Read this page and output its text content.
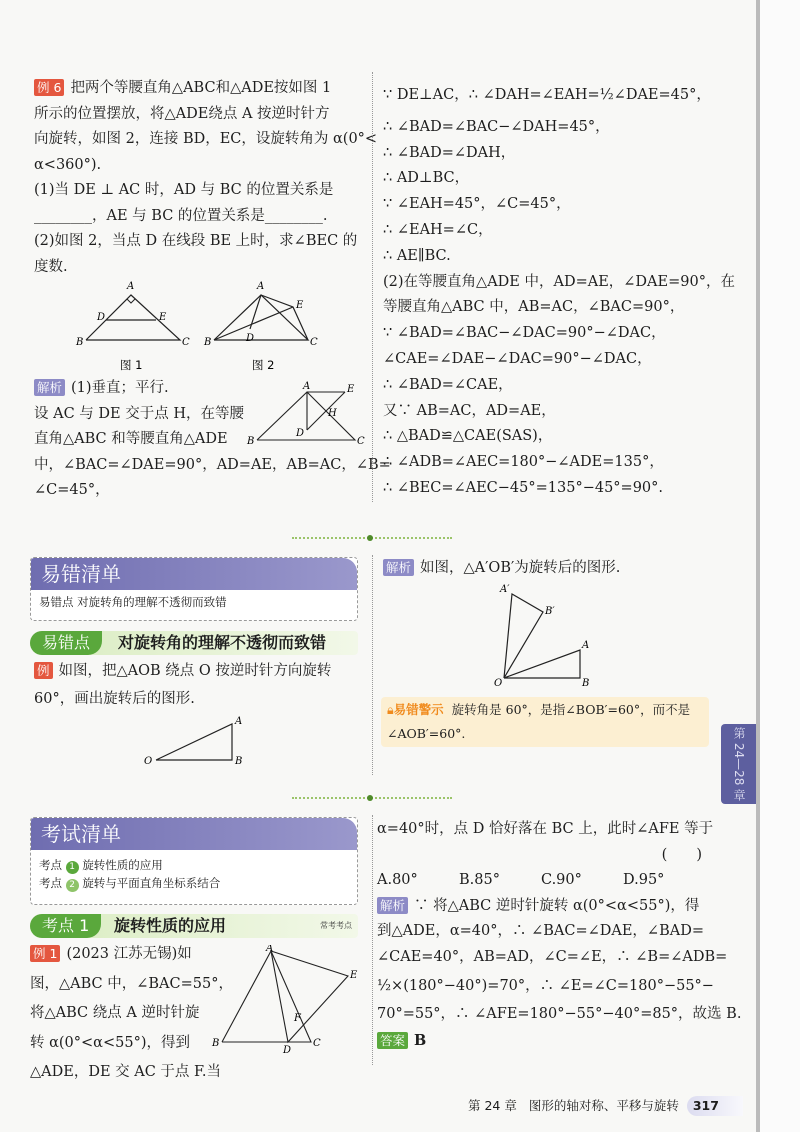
例 6 把两个等腰直角△ABC和△ADE按如图 1
所示的位置摆放，将△ADE绕点 A 按逆时针方
向旋转，如图 2，连接 BD，EC，设旋转角为 α(0°<
α<360°).
(1)当 DE ⊥ AC 时，AD 与 BC 的位置关系是
________，AE 与 BC 的位置关系是________.
(2)如图 2，当点 D 在线段 BE 上时，求∠BEC 的
度数.
A
B	C
D	E
图 1
A
B	C
D
E
图 2
解析 (1)垂直；平行.
设 AC 与 DE 交于点 H，在等腰
直角△ABC 和等腰直角△ADE
中，∠BAC=∠DAE=90°，AD=AE，AB=AC，∠B=
∠C=45°，
A
B	C
D
E
H
∵ DE⊥AC，∴ ∠DAH=∠EAH=½∠DAE=45°，
∴ ∠BAD=∠BAC−∠DAH=45°，
∴ ∠BAD=∠DAH，
∴ AD⊥BC，
∵ ∠EAH=45°，∠C=45°，
∴ ∠EAH=∠C，
∴ AE∥BC.
(2)在等腰直角△ADE 中，AD=AE，∠DAE=90°，在
等腰直角△ABC 中，AB=AC，∠BAC=90°，
∵ ∠BAD=∠BAC−∠DAC=90°−∠DAC，
∠CAE=∠DAE−∠DAC=90°−∠DAC，
∴ ∠BAD=∠CAE，
又∵ AB=AC，AD=AE，
∴ △BAD≌△CAE(SAS)，
∴ ∠ADB=∠AEC=180°−∠ADE=135°，
∴ ∠BEC=∠AEC−45°=135°−45°=90°.
易错清单
易错点 对旋转角的理解不透彻而致错
易错点	对旋转角的理解不透彻而致错
例 如图，把△AOB 绕点 O 按逆时针方向旋转
60°，画出旋转后的图形.
O
A
B
解析 如图，△A′OB′为旋转后的图形.
O
A
B
A′
B′
🔒︎易错警示 旋转角是 60°，是指∠BOB′=60°，而不是
∠AOB′=60°.	第 24—28 章
考试清单
考点 1 旋转性质的应用
考点 2 旋转与平面直角坐标系结合
考点 1	旋转性质的应用	常考考点
例 1 (2023 江苏无锡)如
图，△ABC 中，∠BAC=55°，
将△ABC 绕点 A 逆时针旋
转 α(0°<α<55°)，得到
△ADE，DE 交 AC 于点 F.当
A
B	C
D
E
F
α=40°时，点 D 恰好落在 BC 上，此时∠AFE 等于
(　　)
A.80°	B.85°	C.90°	D.95°
解析 ∵ 将△ABC 逆时针旋转 α(0°<α<55°)，得
到△ADE，α=40°，∴ ∠BAC=∠DAE，∠BAD=
∠CAE=40°，AB=AD，∠C=∠E，∴ ∠B=∠ADB=
½×(180°−40°)=70°，∴ ∠E=∠C=180°−55°−
70°=55°，∴ ∠AFE=180°−55°−40°=85°，故选 B.
答案 B
第 24 章 图形的轴对称、平移与旋转 317
